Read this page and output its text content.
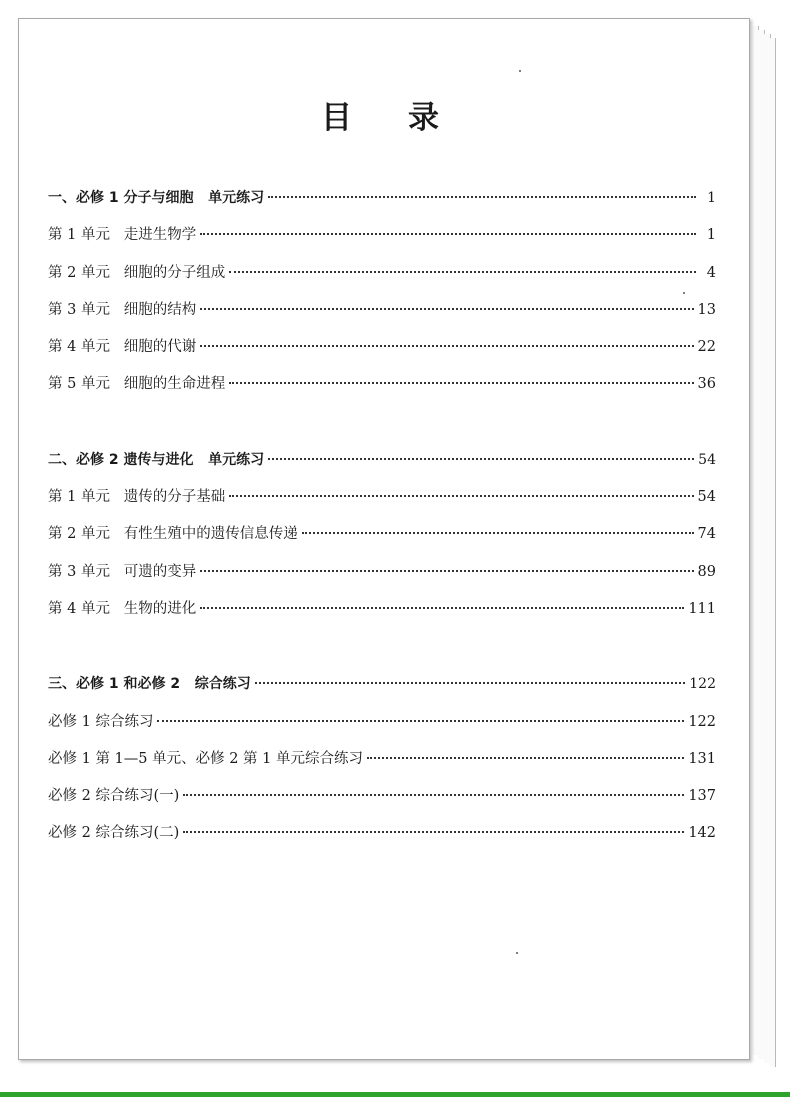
目录
一、必修 1 分子与细胞   单元练习	1
第 1 单元   走进生物学	1
第 2 单元   细胞的分子组成	4
第 3 单元   细胞的结构	13
第 4 单元   细胞的代谢	22
第 5 单元   细胞的生命进程	36
二、必修 2 遗传与进化   单元练习	54
第 1 单元   遗传的分子基础	54
第 2 单元   有性生殖中的遗传信息传递	74
第 3 单元   可遗的变异	89
第 4 单元   生物的进化	111
三、必修 1 和必修 2   综合练习	122
必修 1 综合练习	122
必修 1 第 1—5 单元、必修 2 第 1 单元综合练习	131
必修 2 综合练习(一)	137
必修 2 综合练习(二)	142
